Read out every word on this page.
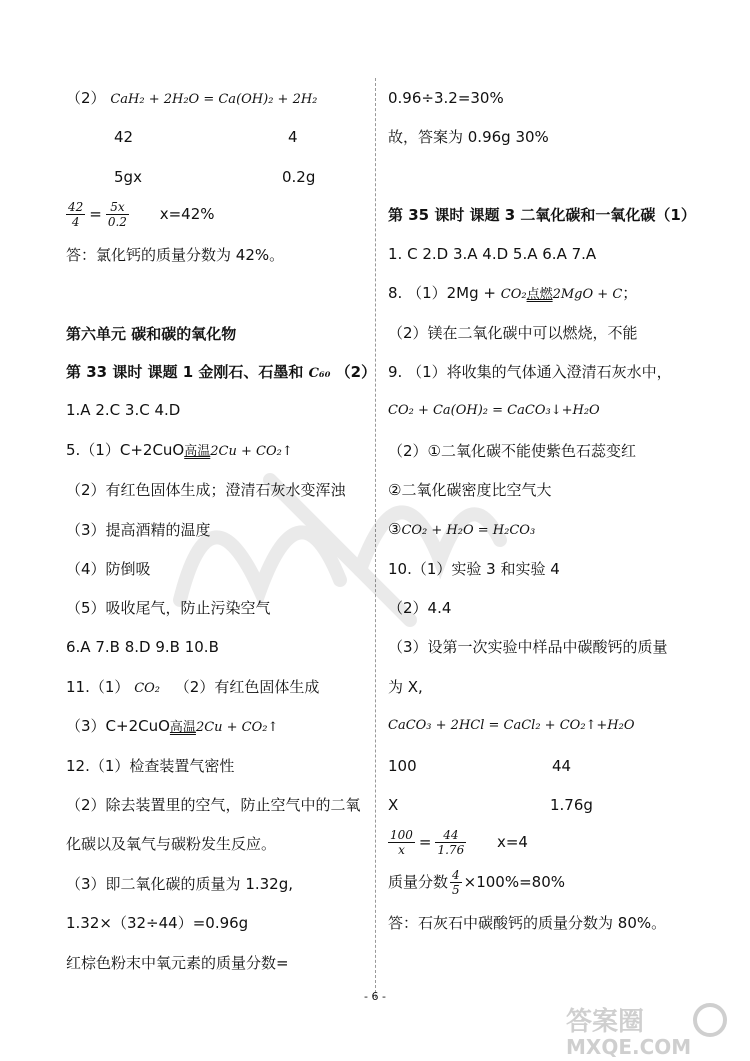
（2） CaH₂ + 2H₂O = Ca(OH)₂ + 2H₂
42	4
5gx	0.2g
$\frac{42}{4} = \frac{5x}{0.2} x=42\%$
答：氯化钙的质量分数为 42%。
第六单元 碳和碳的氧化物
第 33 课时 课题 1 金刚石、石墨和 C₆₀ （2）
1.A 2.C 3.C 4.D
5.（1）C+2CuO高温2Cu + CO₂↑
（2）有红色固体生成；澄清石灰水变浑浊
（3）提高酒精的温度
（4）防倒吸
（5）吸收尾气，防止污染空气
6.A 7.B 8.D 9.B 10.B
11.（1） CO₂ （2）有红色固体生成
（3）C+2CuO高温2Cu + CO₂↑
12.（1）检查装置气密性
（2）除去装置里的空气，防止空气中的二氧
化碳以及氧气与碳粉发生反应。
（3）即二氧化碳的质量为 1.32g,
1.32×（32÷44）=0.96g
红棕色粉末中氧元素的质量分数=
0.96÷3.2=30%
故，答案为 0.96g 30%
第 35 课时 课题 3 二氧化碳和一氧化碳（1）
1. C 2.D 3.A 4.D 5.A 6.A 7.A
8. （1）2Mg + CO₂点燃2MgO + C；
（2）镁在二氧化碳中可以燃烧，不能
9. （1）将收集的气体通入澄清石灰水中，
CO₂ + Ca(OH)₂ = CaCO₃↓+H₂O
（2）①二氧化碳不能使紫色石蕊变红
②二氧化碳密度比空气大
③CO₂ + H₂O = H₂CO₃
10.（1）实验 3 和实验 4
（2）4.4
（3）设第一次实验中样品中碳酸钙的质量
为 X,
CaCO₃ + 2HCl = CaCl₂ + CO₂↑+H₂O
100	44
X	1.76g
$\frac{100}{x} = \frac{44}{1.76} x=4$
质量分数 $\frac{4}{5} \times 100\%=80\%$
答：石灰石中碳酸钙的质量分数为 80%。
- 6 -
答案圈
MXQE.COM
